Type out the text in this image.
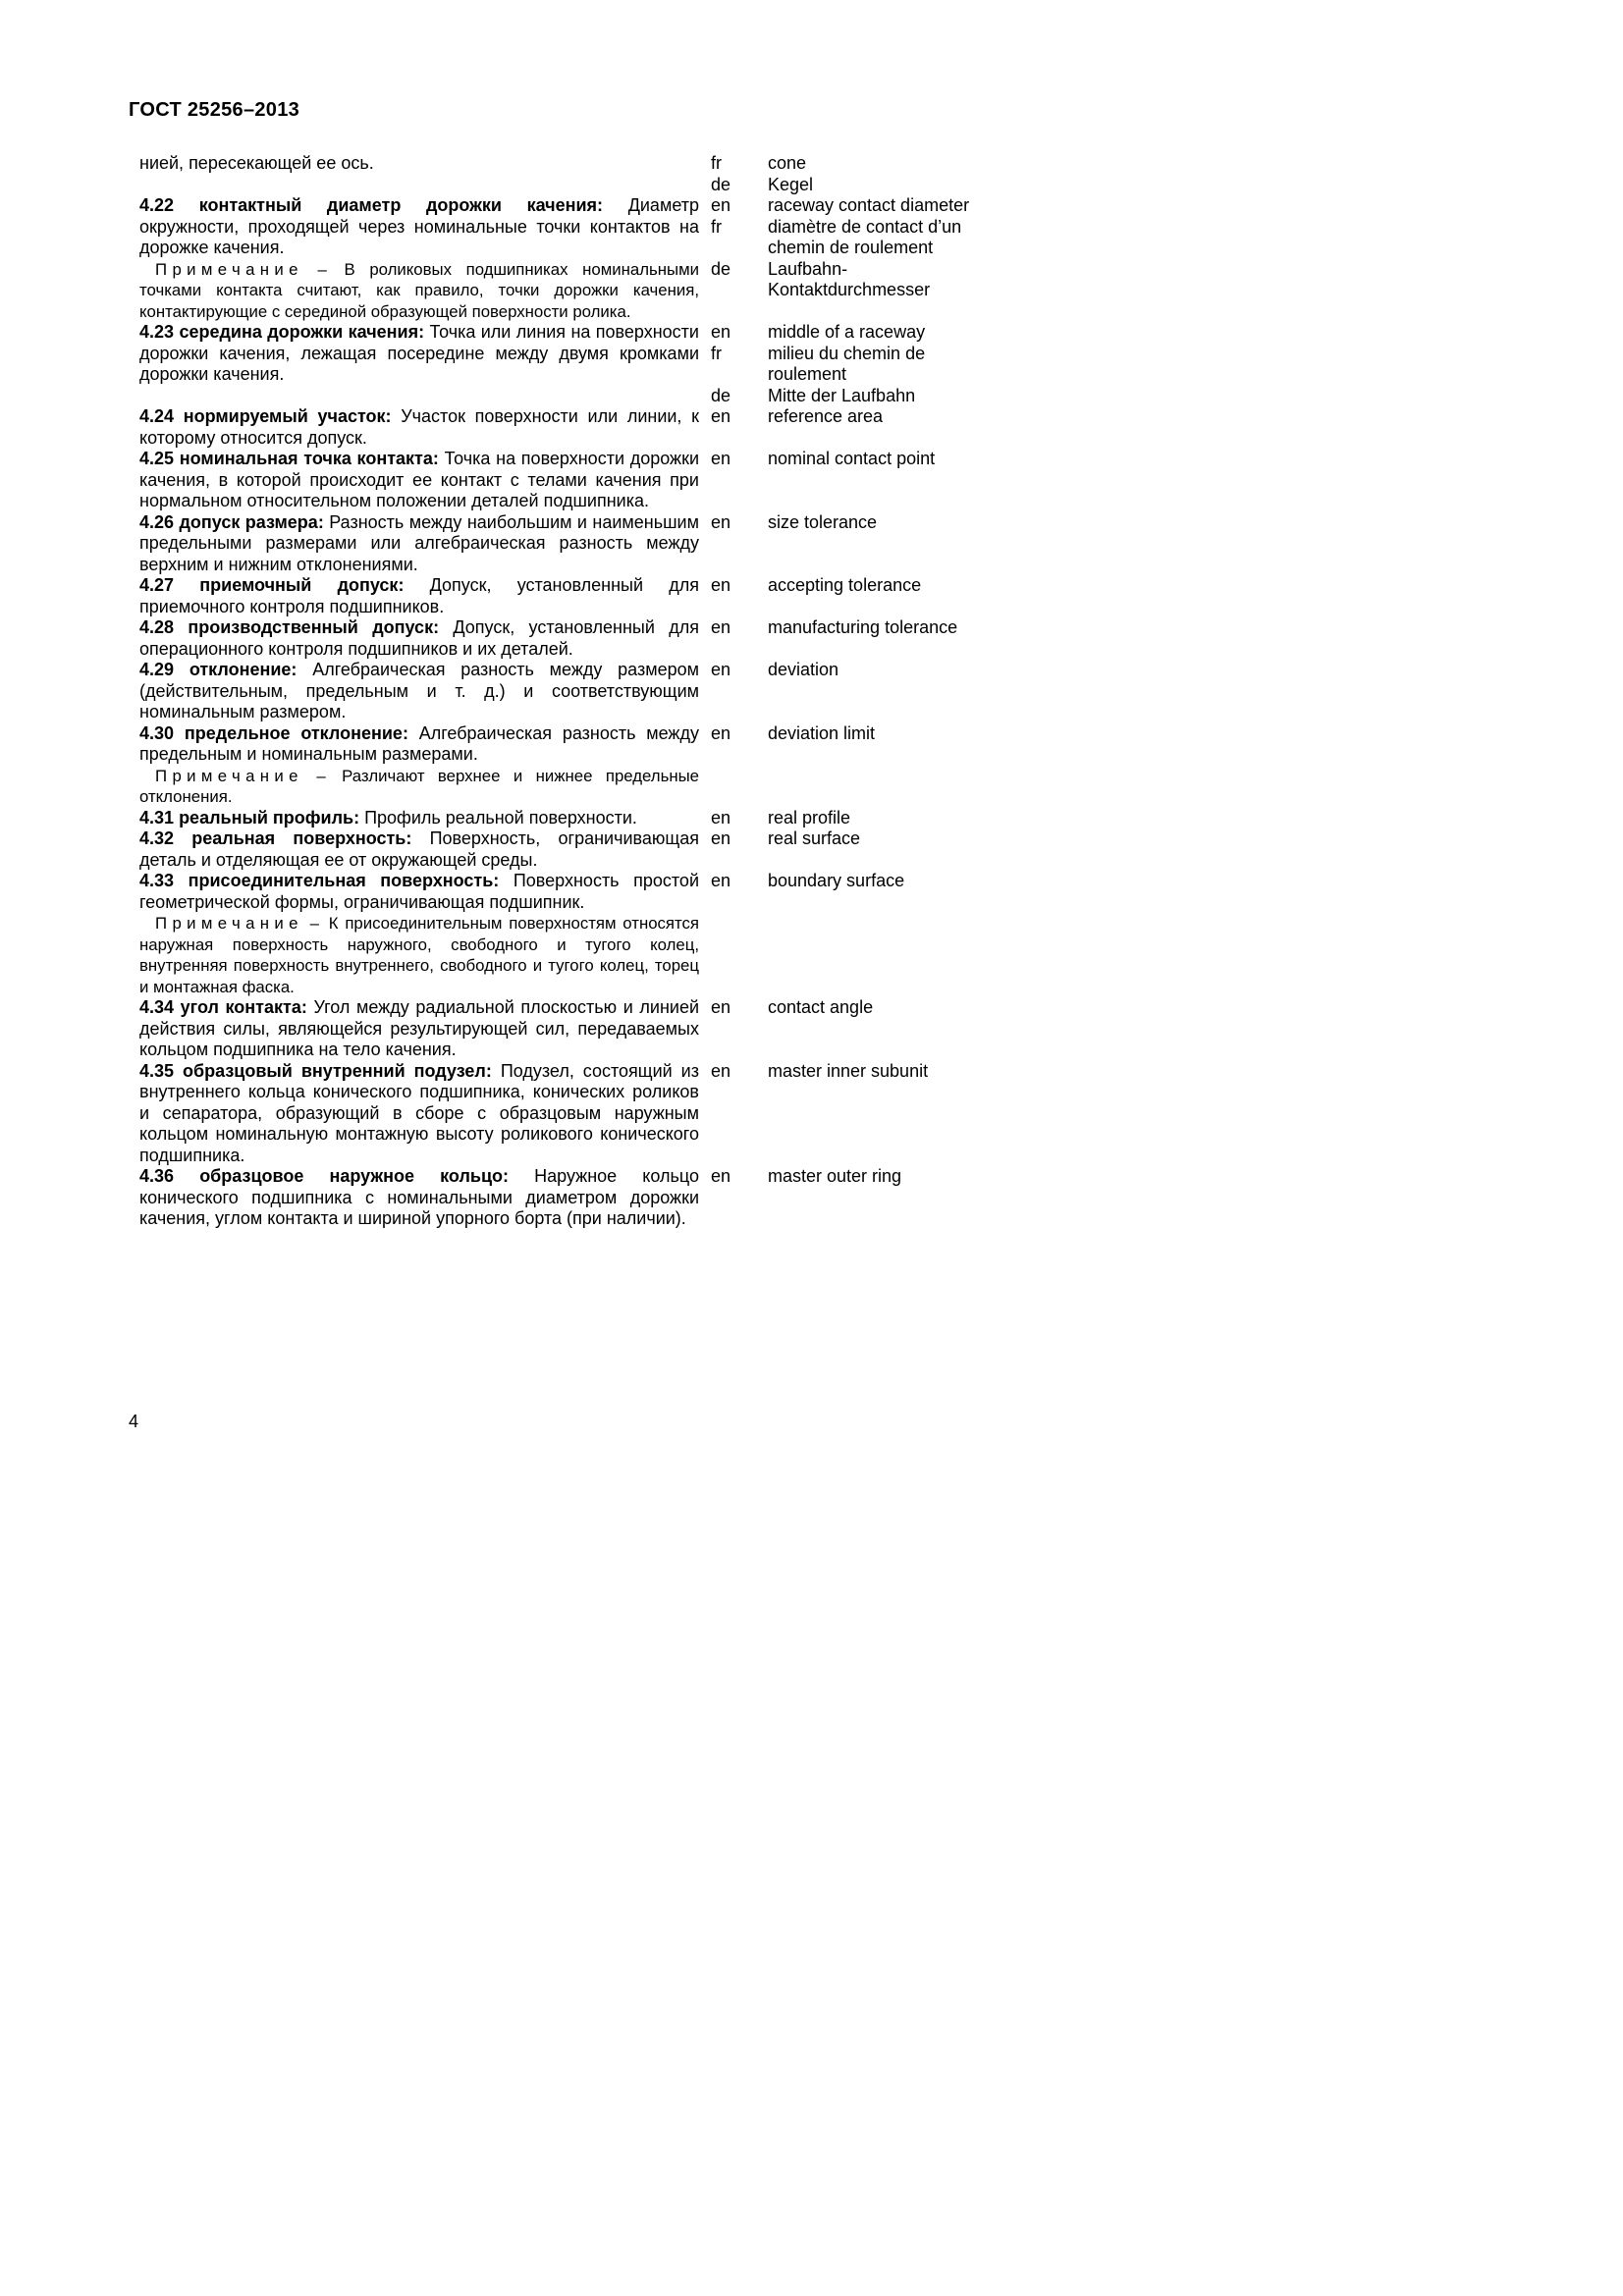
ГОСТ 25256–2013

нией, пересекающей ее ось.	fr	cone
de	Kegel

4.22 контактный диаметр дорожки качения: Диаметр окружности, проходящей через номинальные точки контактов на дорожке качения.

Примечание – В роликовых подшипниках номинальными точками контакта считают, как правило, точки дорожки качения, контактирующие с серединой образующей поверхности ролика.

en	raceway contact diameter
fr	diamètre de contact d’un chemin de roulement
de	Laufbahn-Kontaktdurchmesser

4.23 середина дорожки качения: Точка или линия на поверхности дорожки качения, лежащая посередине между двумя кромками дорожки качения.

en	middle of a raceway
fr	milieu du chemin de roulement
de	Mitte der Laufbahn

4.24 нормируемый участок: Участок поверхности или линии, к которому относится допуск.

en	reference area

4.25 номинальная точка контакта: Точка на поверхности дорожки качения, в которой происходит ее контакт с телами качения при нормальном относительном положении деталей подшипника.

en	nominal contact point

4.26 допуск размера: Разность между наибольшим и наименьшим предельными размерами или алгебраическая разность между верхним и нижним отклонениями.

en	size tolerance

4.27 приемочный допуск: Допуск, установленный для приемочного контроля подшипников.

en	accepting tolerance

4.28 производственный допуск: Допуск, установленный для операционного контроля подшипников и их деталей.

en	manufacturing tolerance

4.29 отклонение: Алгебраическая разность между размером (действительным, предельным и т. д.) и соответствующим номинальным размером.

en	deviation

4.30 предельное отклонение: Алгебраическая разность между предельным и номинальным размерами.

Примечание – Различают верхнее и нижнее предельные отклонения.

en	deviation limit

4.31 реальный профиль: Профиль реальной поверхности.	en	real profile

4.32 реальная поверхность: Поверхность, ограничивающая деталь и отделяющая ее от окружающей среды.

en	real surface

4.33 присоединительная поверхность: Поверхность простой геометрической формы, ограничивающая подшипник.

Примечание – К присоединительным поверхностям относятся наружная поверхность наружного, свободного и тугого колец, внутренняя поверхность внутреннего, свободного и тугого колец, торец и монтажная фаска.

en	boundary surface

4.34 угол контакта: Угол между радиальной плоскостью и линией действия силы, являющейся результирующей сил, передаваемых кольцом подшипника на тело качения.

en	contact angle

4.35 образцовый внутренний подузел: Подузел, состоящий из внутреннего кольца конического подшипника, конических роликов и сепаратора, образующий в сборе с образцовым наружным кольцом номинальную монтажную высоту роликового конического подшипника.

en	master inner subunit

4.36 образцовое наружное кольцо: Наружное кольцо конического подшипника с номинальными диаметром дорожки качения, углом контакта и шириной упорного борта (при наличии).

en	master outer ring
4
